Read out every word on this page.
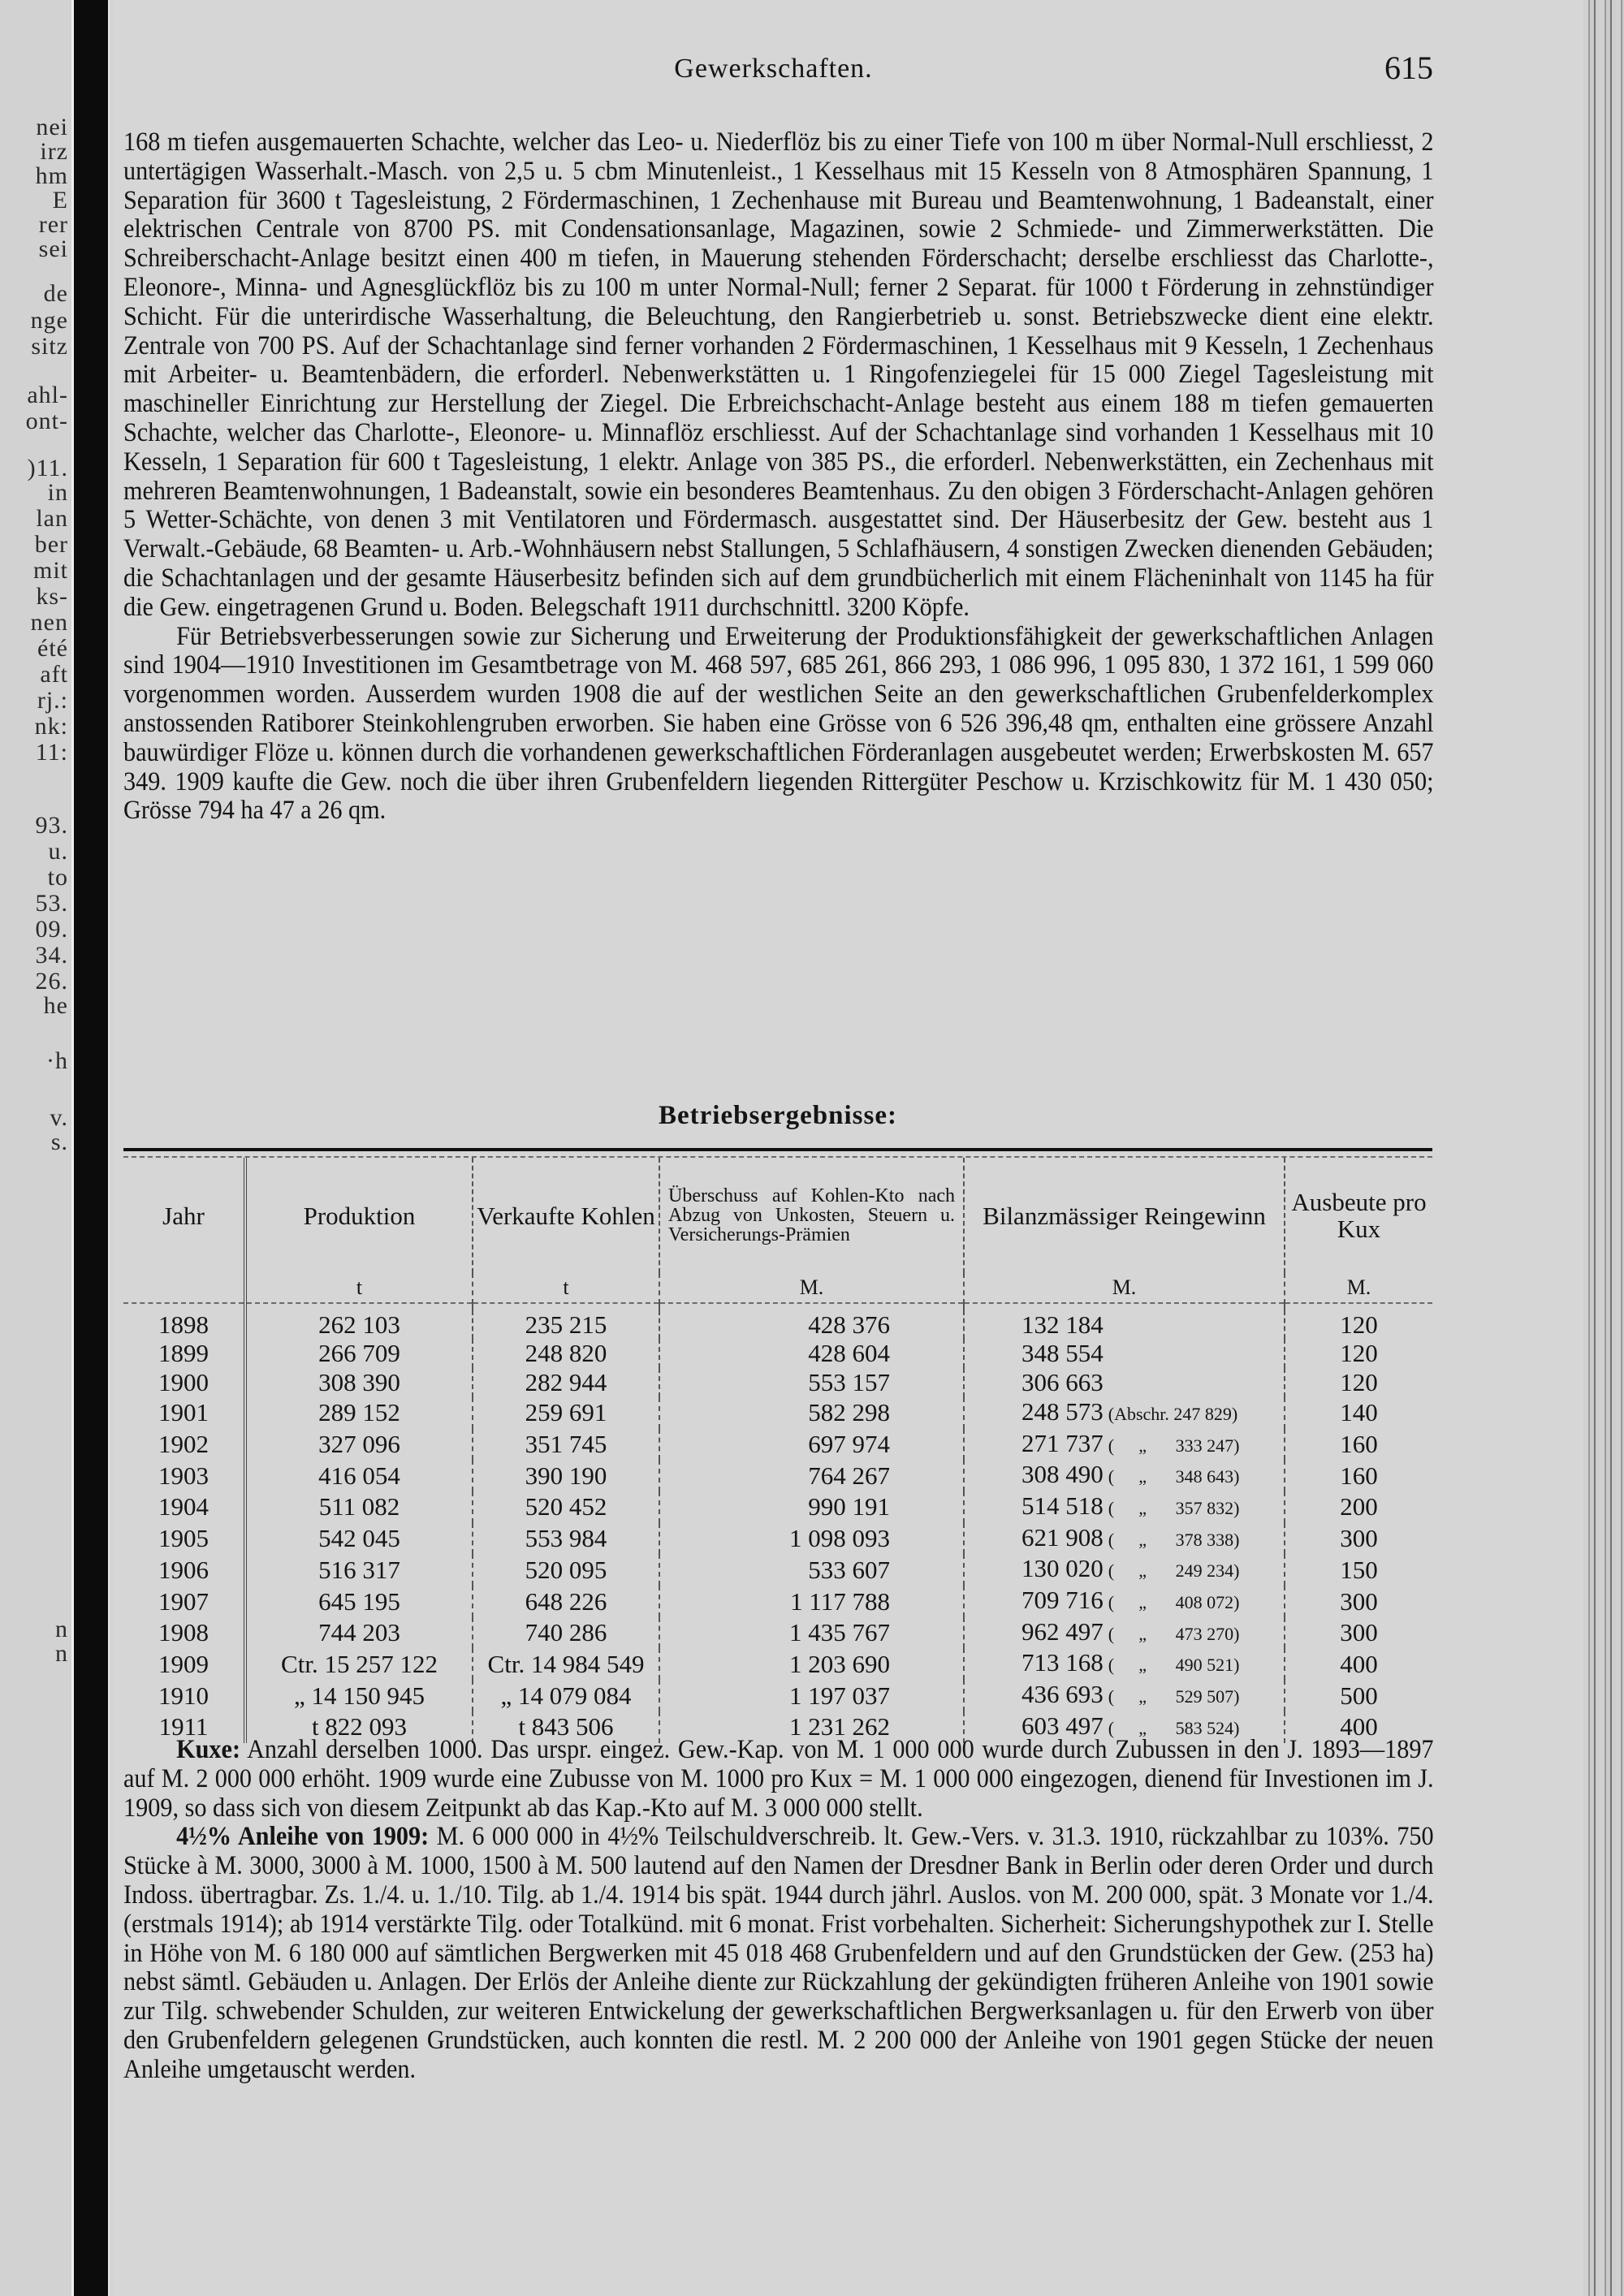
nei
irz
hm
E
rer
sei
de
nge
sitz
ahl-
ont-
)11.
in
lan
ber
mit
ks-
nen
été
aft
rj.:
nk:
11:
93.
u.
to
53.
09.
34.
26.
he
·h
v.
s.
n
n
Gewerkschaften.	615

168 m tiefen ausgemauerten Schachte, welcher das Leo- u. Niederflöz bis zu einer Tiefe von 100 m über Normal-Null erschliesst, 2 untertägigen Wasserhalt.-Masch. von 2,5 u. 5 cbm Minutenleist., 1 Kesselhaus mit 15 Kesseln von 8 Atmosphären Spannung, 1 Separation für 3600 t Tagesleistung, 2 Fördermaschinen, 1 Zechenhause mit Bureau und Beamtenwohnung, 1 Badeanstalt, einer elektrischen Centrale von 8700 PS. mit Condensationsanlage, Magazinen, sowie 2 Schmiede- und Zimmerwerkstätten. Die Schreiberschacht-Anlage besitzt einen 400 m tiefen, in Mauerung stehenden Förderschacht; derselbe erschliesst das Charlotte-, Eleonore-, Minna- und Agnesglückflöz bis zu 100 m unter Normal-Null; ferner 2 Separat. für 1000 t Förderung in zehnstündiger Schicht. Für die unterirdische Wasserhaltung, die Beleuchtung, den Rangierbetrieb u. sonst. Betriebszwecke dient eine elektr. Zentrale von 700 PS. Auf der Schachtanlage sind ferner vorhanden 2 Fördermaschinen, 1 Kesselhaus mit 9 Kesseln, 1 Zechenhaus mit Arbeiter- u. Beamtenbädern, die erforderl. Nebenwerkstätten u. 1 Ringofenziegelei für 15 000 Ziegel Tagesleistung mit maschineller Einrichtung zur Herstellung der Ziegel. Die Erbreichschacht-Anlage besteht aus einem 188 m tiefen gemauerten Schachte, welcher das Charlotte-, Eleonore- u. Minnaflöz erschliesst. Auf der Schachtanlage sind vorhanden 1 Kesselhaus mit 10 Kesseln, 1 Separation für 600 t Tagesleistung, 1 elektr. Anlage von 385 PS., die erforderl. Nebenwerkstätten, ein Zechenhaus mit mehreren Beamtenwohnungen, 1 Badeanstalt, sowie ein besonderes Beamtenhaus. Zu den obigen 3 Förderschacht-Anlagen gehören 5 Wetter-Schächte, von denen 3 mit Ventilatoren und Fördermasch. ausgestattet sind. Der Häuserbesitz der Gew. besteht aus 1 Verwalt.-Gebäude, 68 Beamten- u. Arb.-Wohnhäusern nebst Stallungen, 5 Schlafhäusern, 4 sonstigen Zwecken dienenden Gebäuden; die Schachtanlagen und der gesamte Häuserbesitz befinden sich auf dem grundbücherlich mit einem Flächeninhalt von 1145 ha für die Gew. eingetragenen Grund u. Boden. Belegschaft 1911 durchschnittl. 3200 Köpfe.

Für Betriebsverbesserungen sowie zur Sicherung und Erweiterung der Produktionsfähigkeit der gewerkschaftlichen Anlagen sind 1904—1910 Investitionen im Gesamtbetrage von M. 468 597, 685 261, 866 293, 1 086 996, 1 095 830, 1 372 161, 1 599 060 vorgenommen worden. Ausserdem wurden 1908 die auf der westlichen Seite an den gewerkschaftlichen Grubenfelderkomplex anstossenden Ratiborer Steinkohlengruben erworben. Sie haben eine Grösse von 6 526 396,48 qm, enthalten eine grössere Anzahl bauwürdiger Flöze u. können durch die vorhandenen gewerkschaftlichen Förderanlagen ausgebeutet werden; Erwerbskosten M. 657 349. 1909 kaufte die Gew. noch die über ihren Grubenfeldern liegenden Rittergüter Peschow u. Krzischkowitz für M. 1 430 050; Grösse 794 ha 47 a 26 qm.

Betriebsergebnisse:
Jahr	Produktion	Verkaufte Kohlen	Überschuss auf Kohlen-Kto nach Abzug von Unkosten, Steuern u. Versicherungs-Prämien	Bilanzmässiger Reingewinn	Ausbeute pro Kux
	t	t	M.	M.	M.

1898	262 103	235 215	428 376	132 184	120
1899	266 709	248 820	428 604	348 554	120
1900	308 390	282 944	553 157	306 663	120
1901	289 152	259 691	582 298	248 573 (Abschr. 247 829)	140
1902	327 096	351 745	697 974	271 737 ( „ 333 247)	160
1903	416 054	390 190	764 267	308 490 ( „ 348 643)	160
1904	511 082	520 452	990 191	514 518 ( „ 357 832)	200
1905	542 045	553 984	1 098 093	621 908 ( „ 378 338)	300
1906	516 317	520 095	533 607	130 020 ( „ 249 234)	150
1907	645 195	648 226	1 117 788	709 716 ( „ 408 072)	300
1908	744 203	740 286	1 435 767	962 497 ( „ 473 270)	300
1909	Ctr. 15 257 122	Ctr. 14 984 549	1 203 690	713 168 ( „ 490 521)	400
1910	„ 14 150 945	„ 14 079 084	1 197 037	436 693 ( „ 529 507)	500
1911	t 822 093	t 843 506	1 231 262	603 497 ( „ 583 524)	400

Kuxe: Anzahl derselben 1000. Das urspr. eingez. Gew.-Kap. von M. 1 000 000 wurde durch Zubussen in den J. 1893—1897 auf M. 2 000 000 erhöht. 1909 wurde eine Zubusse von M. 1000 pro Kux = M. 1 000 000 eingezogen, dienend für Investionen im J. 1909, so dass sich von diesem Zeitpunkt ab das Kap.-Kto auf M. 3 000 000 stellt.

4½% Anleihe von 1909: M. 6 000 000 in 4½% Teilschuldverschreib. lt. Gew.-Vers. v. 31.3. 1910, rückzahlbar zu 103%. 750 Stücke à M. 3000, 3000 à M. 1000, 1500 à M. 500 lautend auf den Namen der Dresdner Bank in Berlin oder deren Order und durch Indoss. übertragbar. Zs. 1./4. u. 1./10. Tilg. ab 1./4. 1914 bis spät. 1944 durch jährl. Auslos. von M. 200 000, spät. 3 Monate vor 1./4. (erstmals 1914); ab 1914 verstärkte Tilg. oder Totalkünd. mit 6 monat. Frist vorbehalten. Sicherheit: Sicherungshypothek zur I. Stelle in Höhe von M. 6 180 000 auf sämtlichen Bergwerken mit 45 018 468 Grubenfeldern und auf den Grundstücken der Gew. (253 ha) nebst sämtl. Gebäuden u. Anlagen. Der Erlös der Anleihe diente zur Rückzahlung der gekündigten früheren Anleihe von 1901 sowie zur Tilg. schwebender Schulden, zur weiteren Entwickelung der gewerkschaftlichen Bergwerksanlagen u. für den Erwerb von über den Grubenfeldern gelegenen Grundstücken, auch konnten die restl. M. 2 200 000 der Anleihe von 1901 gegen Stücke der neuen Anleihe umgetauscht werden.
